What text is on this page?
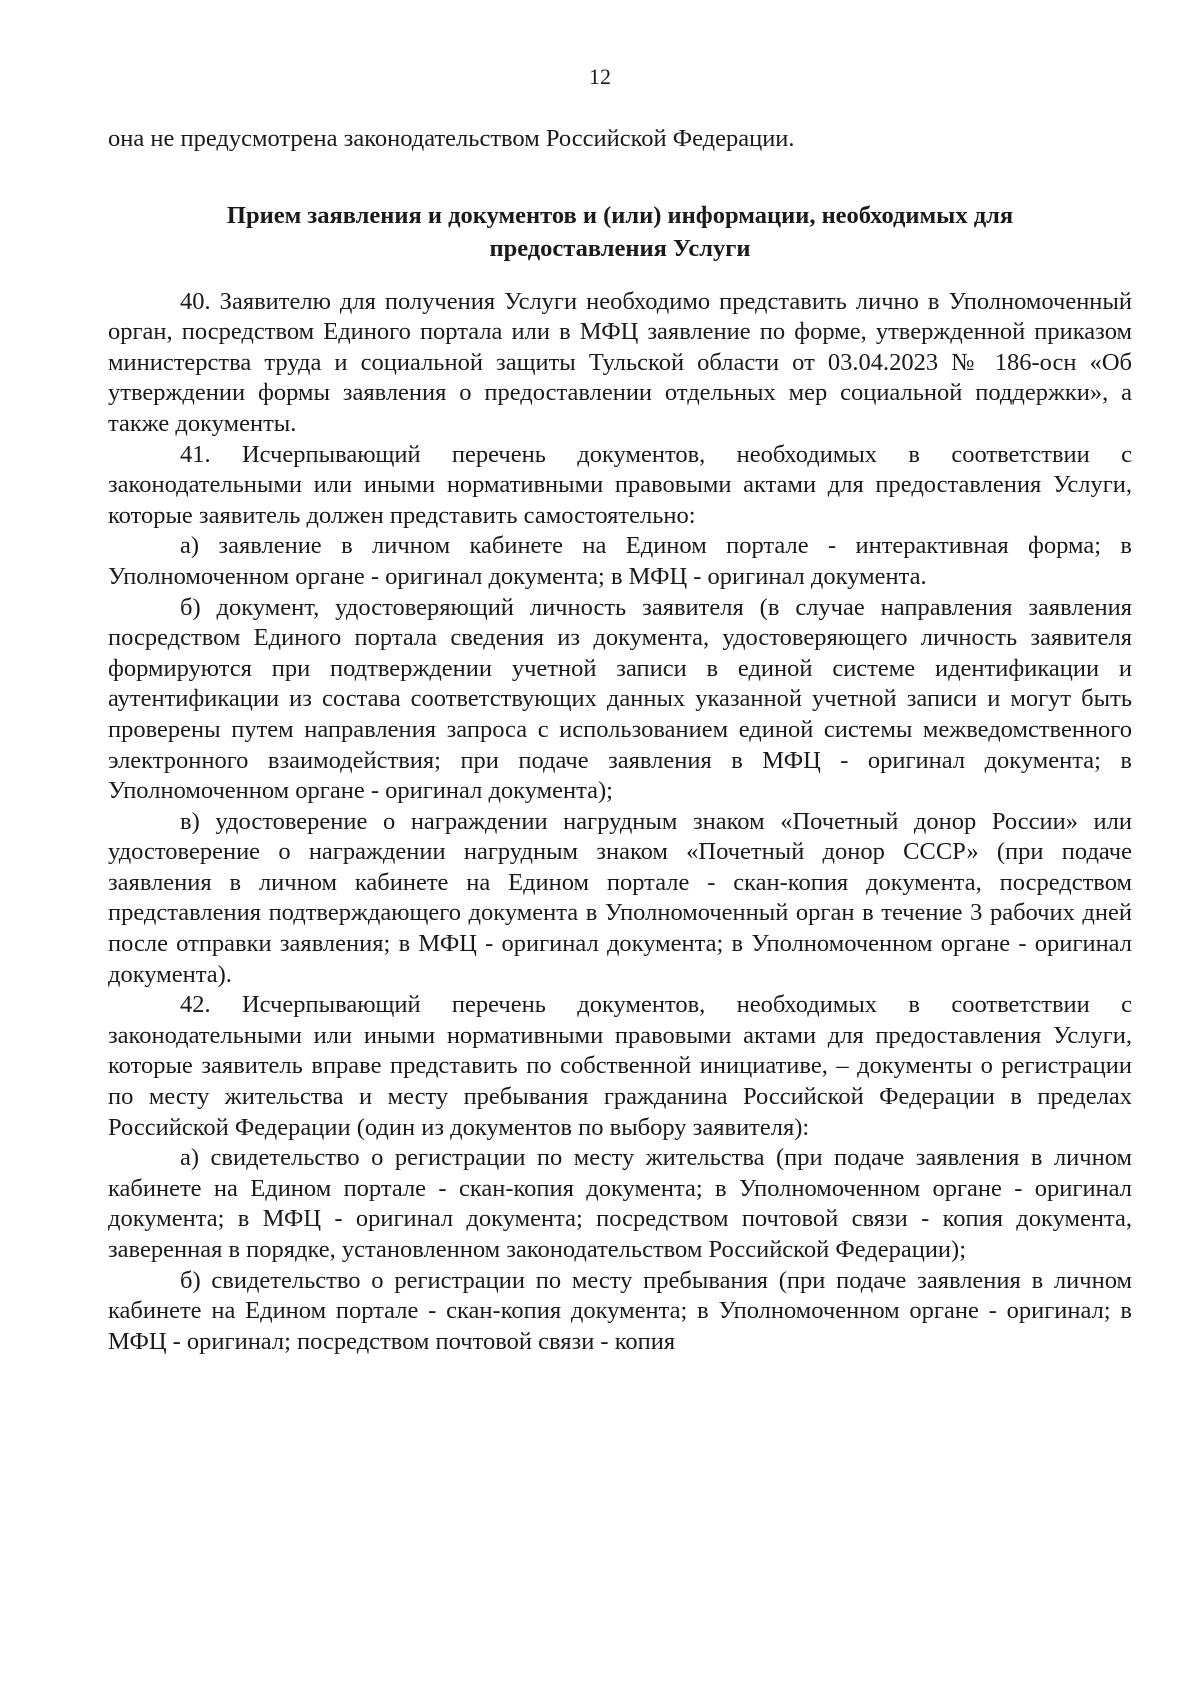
12

она не предусмотрена законодательством Российской Федерации.

Прием заявления и документов и (или) информации, необходимых для
предоставления Услуги

40. Заявителю для получения Услуги необходимо представить лично в Уполномоченный орган, посредством Единого портала или в МФЦ заявление по форме, утвержденной приказом министерства труда и социальной защиты Тульской области от 03.04.2023 № 186-осн «Об утверждении формы заявления о предоставлении отдельных мер социальной поддержки», а также документы.

41. Исчерпывающий перечень документов, необходимых в соответствии с законодательными или иными нормативными правовыми актами для предоставления Услуги, которые заявитель должен представить самостоятельно:

а) заявление в личном кабинете на Едином портале - интерактивная форма; в Уполномоченном органе - оригинал документа; в МФЦ - оригинал документа.

б) документ, удостоверяющий личность заявителя (в случае направления заявления посредством Единого портала сведения из документа, удостоверяющего личность заявителя формируются при подтверждении учетной записи в единой системе идентификации и аутентификации из состава соответствующих данных указанной учетной записи и могут быть проверены путем направления запроса с использованием единой системы межведомственного электронного взаимодействия; при подаче заявления в МФЦ - оригинал документа; в Уполномоченном органе - оригинал документа);

в) удостоверение о награждении нагрудным знаком «Почетный донор России» или удостоверение о награждении нагрудным знаком «Почетный донор СССР» (при подаче заявления в личном кабинете на Едином портале - скан-копия документа, посредством представления подтверждающего документа в Уполномоченный орган в течение 3 рабочих дней после отправки заявления; в МФЦ - оригинал документа; в Уполномоченном органе - оригинал документа).

42. Исчерпывающий перечень документов, необходимых в соответствии с законодательными или иными нормативными правовыми актами для предоставления Услуги, которые заявитель вправе представить по собственной инициативе, – документы о регистрации по месту жительства и месту пребывания гражданина Российской Федерации в пределах Российской Федерации (один из документов по выбору заявителя):

а) свидетельство о регистрации по месту жительства (при подаче заявления в личном кабинете на Едином портале - скан-копия документа; в Уполномоченном органе - оригинал документа; в МФЦ - оригинал документа; посредством почтовой связи - копия документа, заверенная в порядке, установленном законодательством Российской Федерации);

б) свидетельство о регистрации по месту пребывания (при подаче заявления в личном кабинете на Едином портале - скан-копия документа; в Уполномоченном органе - оригинал; в МФЦ - оригинал; посредством почтовой связи - копия
